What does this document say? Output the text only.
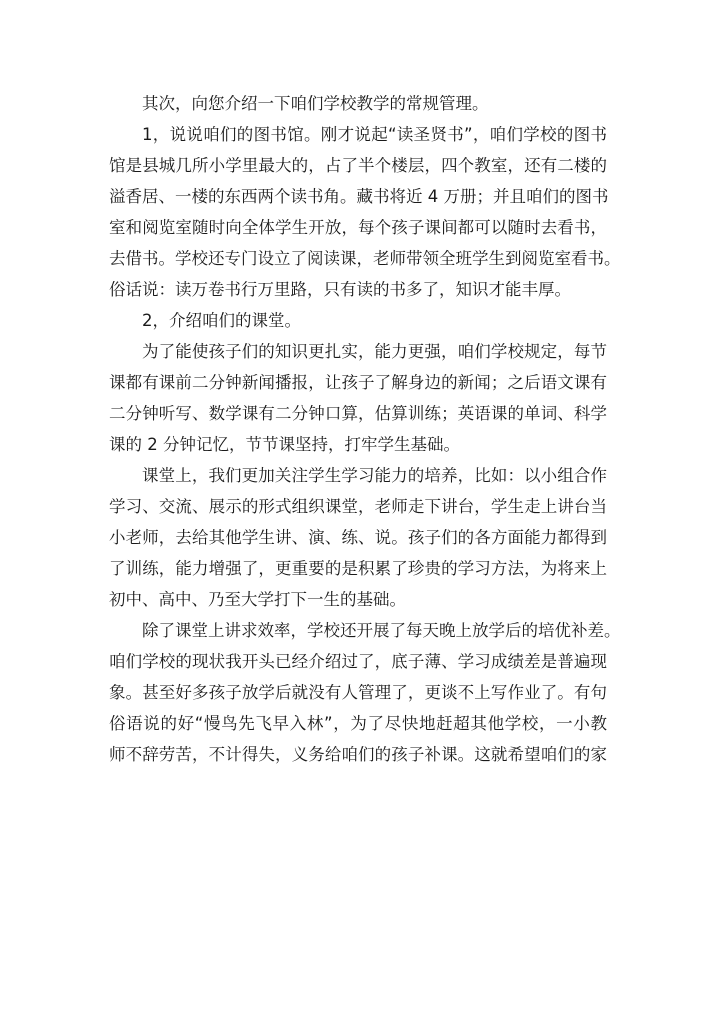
其次，向您介绍一下咱们学校教学的常规管理。
1，说说咱们的图书馆。刚才说起“读圣贤书”，咱们学校的图书
馆是县城几所小学里最大的，占了半个楼层，四个教室，还有二楼的
溢香居、一楼的东西两个读书角。藏书将近 4 万册；并且咱们的图书
室和阅览室随时向全体学生开放，每个孩子课间都可以随时去看书，
去借书。学校还专门设立了阅读课，老师带领全班学生到阅览室看书。
俗话说：读万卷书行万里路，只有读的书多了，知识才能丰厚。
2，介绍咱们的课堂。
为了能使孩子们的知识更扎实，能力更强，咱们学校规定，每节
课都有课前二分钟新闻播报，让孩子了解身边的新闻；之后语文课有
二分钟听写、数学课有二分钟口算，估算训练；英语课的单词、科学
课的 2 分钟记忆，节节课坚持，打牢学生基础。
课堂上，我们更加关注学生学习能力的培养，比如：以小组合作
学习、交流、展示的形式组织课堂，老师走下讲台，学生走上讲台当
小老师，去给其他学生讲、演、练、说。孩子们的各方面能力都得到
了训练，能力增强了，更重要的是积累了珍贵的学习方法，为将来上
初中、高中、乃至大学打下一生的基础。
除了课堂上讲求效率，学校还开展了每天晚上放学后的培优补差。
咱们学校的现状我开头已经介绍过了，底子薄、学习成绩差是普遍现
象。甚至好多孩子放学后就没有人管理了，更谈不上写作业了。有句
俗语说的好“慢鸟先飞早入林”，为了尽快地赶超其他学校，一小教
师不辞劳苦，不计得失，义务给咱们的孩子补课。这就希望咱们的家
